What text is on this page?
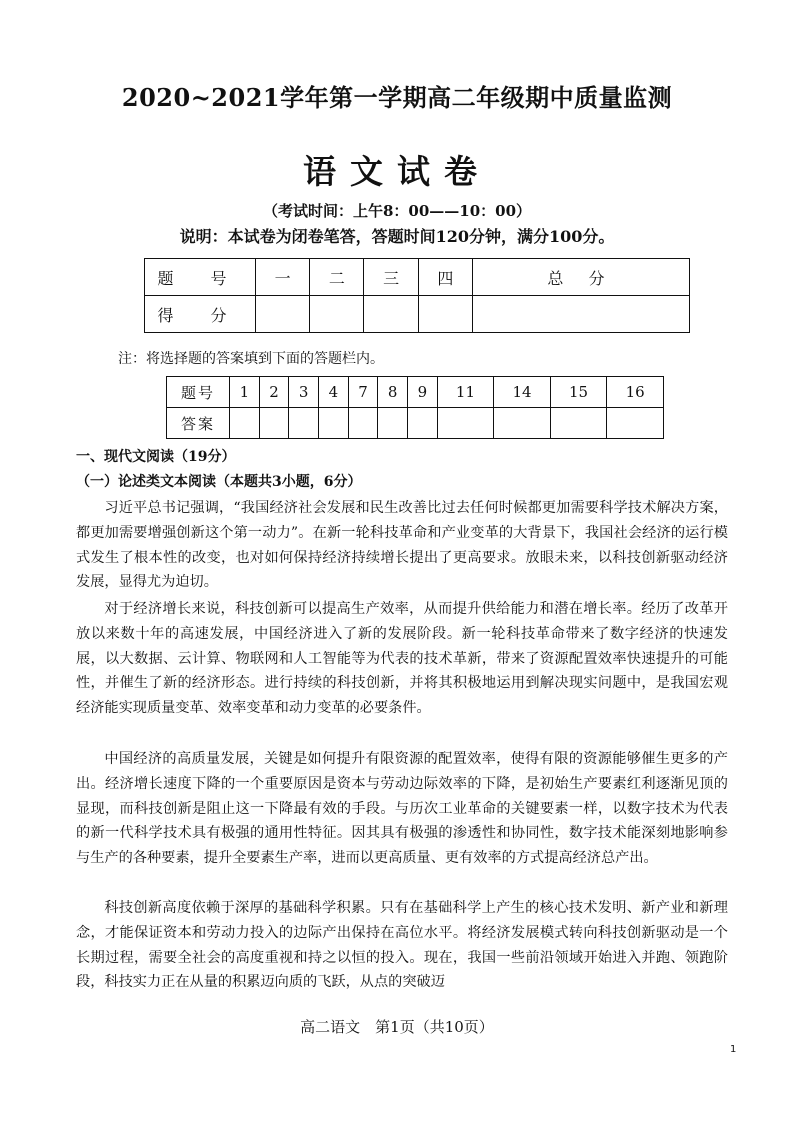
2020~2021学年第一学期高二年级期中质量监测
语文试卷
（考试时间：上午8：00——10：00）
说明：本试卷为闭卷笔答，答题时间120分钟，满分100分。
题 号	一	二	三	四	总 分
得 分					
注：将选择题的答案填到下面的答题栏内。
题号	1	2	3	4	7	8	9	11	14	15	16
答案											
一、现代文阅读（19分）
（一）论述类文本阅读（本题共3小题，6分）

习近平总书记强调，“我国经济社会发展和民生改善比过去任何时候都更加需要科学技术解决方案，都更加需要增强创新这个第一动力”。在新一轮科技革命和产业变革的大背景下，我国社会经济的运行模式发生了根本性的改变，也对如何保持经济持续增长提出了更高要求。放眼未来，以科技创新驱动经济发展，显得尤为迫切。

对于经济增长来说，科技创新可以提高生产效率，从而提升供给能力和潜在增长率。经历了改革开放以来数十年的高速发展，中国经济进入了新的发展阶段。新一轮科技革命带来了数字经济的快速发展，以大数据、云计算、物联网和人工智能等为代表的技术革新，带来了资源配置效率快速提升的可能性，并催生了新的经济形态。进行持续的科技创新，并将其积极地运用到解决现实问题中，是我国宏观经济能实现质量变革、效率变革和动力变革的必要条件。

中国经济的高质量发展，关键是如何提升有限资源的配置效率，使得有限的资源能够催生更多的产出。经济增长速度下降的一个重要原因是资本与劳动边际效率的下降，是初始生产要素红利逐渐见顶的显现，而科技创新是阻止这一下降最有效的手段。与历次工业革命的关键要素一样，以数字技术为代表的新一代科学技术具有极强的通用性特征。因其具有极强的渗透性和协同性，数字技术能深刻地影响参与生产的各种要素，提升全要素生产率，进而以更高质量、更有效率的方式提高经济总产出。

科技创新高度依赖于深厚的基础科学积累。只有在基础科学上产生的核心技术发明、新产业和新理念，才能保证资本和劳动力投入的边际产出保持在高位水平。将经济发展模式转向科技创新驱动是一个长期过程，需要全社会的高度重视和持之以恒的投入。现在，我国一些前沿领域开始进入并跑、领跑阶段，科技实力正在从量的积累迈向质的飞跃，从点的突破迈

高二语文　第1页（共10页）
1
